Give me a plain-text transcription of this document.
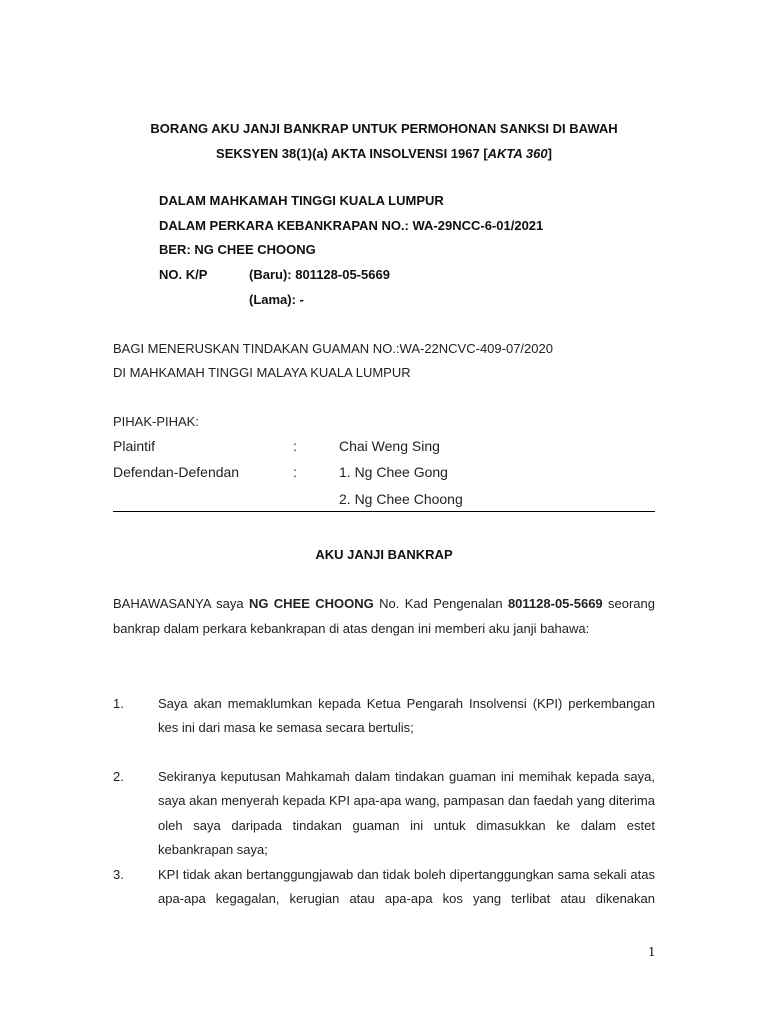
BORANG AKU JANJI BANKRAP UNTUK PERMOHONAN SANKSI DI BAWAH
SEKSYEN 38(1)(a) AKTA INSOLVENSI 1967 [AKTA 360]
DALAM MAHKAMAH TINGGI KUALA LUMPUR
DALAM PERKARA KEBANKRAPAN NO.: WA-29NCC-6-01/2021
BER: NG CHEE CHOONG
NO. K/P	(Baru): 801128-05-5669
(Lama): -
BAGI MENERUSKAN TINDAKAN GUAMAN NO.:WA-22NCVC-409-07/2020
DI MAHKAMAH TINGGI MALAYA KUALA LUMPUR
PIHAK-PIHAK:
Plaintif	:	Chai Weng Sing
Defendan-Defendan	:	1. Ng Chee Gong
2. Ng Chee Choong
AKU JANJI BANKRAP
BAHAWASANYA saya NG CHEE CHOONG No. Kad Pengenalan 801128-05-5669 seorang bankrap dalam perkara kebankrapan di atas dengan ini memberi aku janji bahawa:
1.	Saya akan memaklumkan kepada Ketua Pengarah Insolvensi (KPI) perkembangan kes ini dari masa ke semasa secara bertulis;
2.	Sekiranya keputusan Mahkamah dalam tindakan guaman ini memihak kepada saya, saya akan menyerah kepada KPI apa-apa wang, pampasan dan faedah yang diterima oleh saya daripada tindakan guaman ini untuk dimasukkan ke dalam estet kebankrapan saya;
3.	KPI tidak akan bertanggungjawab dan tidak boleh dipertanggungkan sama sekali atas apa-apa kegagalan, kerugian atau apa-apa kos yang terlibat atau dikenakan
1
